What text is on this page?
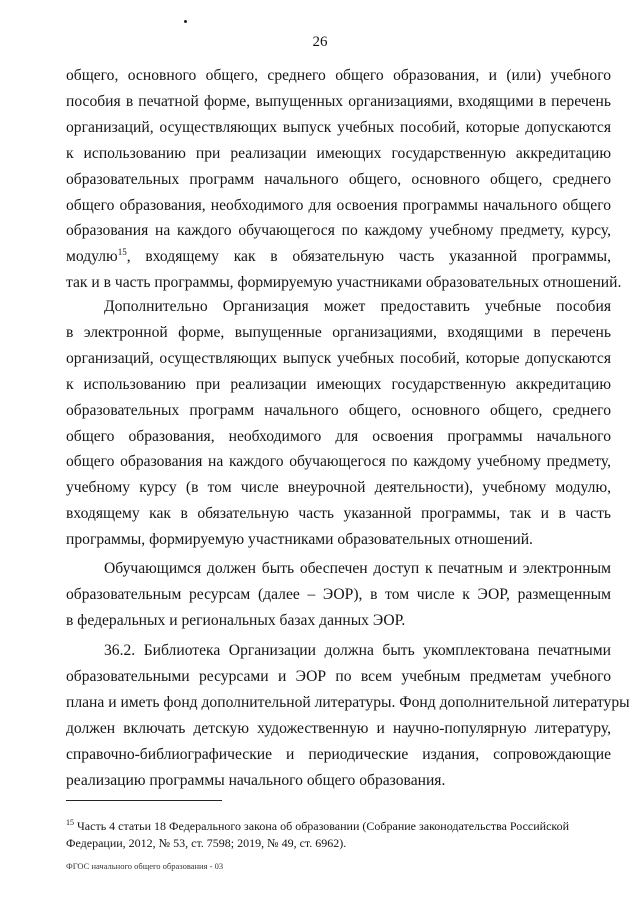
26
общего, основного общего, среднего общего образования, и (или) учебного
пособия в печатной форме, выпущенных организациями, входящими в перечень
организаций, осуществляющих выпуск учебных пособий, которые допускаются
к использованию при реализации имеющих государственную аккредитацию
образовательных программ начального общего, основного общего, среднего
общего образования, необходимого для освоения программы начального общего
образования на каждого обучающегося по каждому учебному предмету, курсу,
модулю$^{15}$, входящему как в обязательную часть указанной программы,
так и в часть программы, формируемую участниками образовательных отношений.
Дополнительно Организация может предоставить учебные пособия
в электронной форме, выпущенные организациями, входящими в перечень
организаций, осуществляющих выпуск учебных пособий, которые допускаются
к использованию при реализации имеющих государственную аккредитацию
образовательных программ начального общего, основного общего, среднего
общего образования, необходимого для освоения программы начального
общего образования на каждого обучающегося по каждому учебному предмету,
учебному курсу (в том числе внеурочной деятельности), учебному модулю,
входящему как в обязательную часть указанной программы, так и в часть
программы, формируемую участниками образовательных отношений.
Обучающимся должен быть обеспечен доступ к печатным и электронным
образовательным ресурсам (далее – ЭОР), в том числе к ЭОР, размещенным
в федеральных и региональных базах данных ЭОР.
36.2. Библиотека Организации должна быть укомплектована печатными
образовательными ресурсами и ЭОР по всем учебным предметам учебного
плана и иметь фонд дополнительной литературы. Фонд дополнительной литературы
должен включать детскую художественную и научно-популярную литературу,
справочно-библиографические и периодические издания, сопровождающие
реализацию программы начального общего образования.
$^{15}$ Часть 4 статьи 18 Федерального закона об образовании (Собрание законодательства Российской
Федерации, 2012, № 53, ст. 7598; 2019, № 49, ст. 6962).
ФГОС начального общего образования - 03
